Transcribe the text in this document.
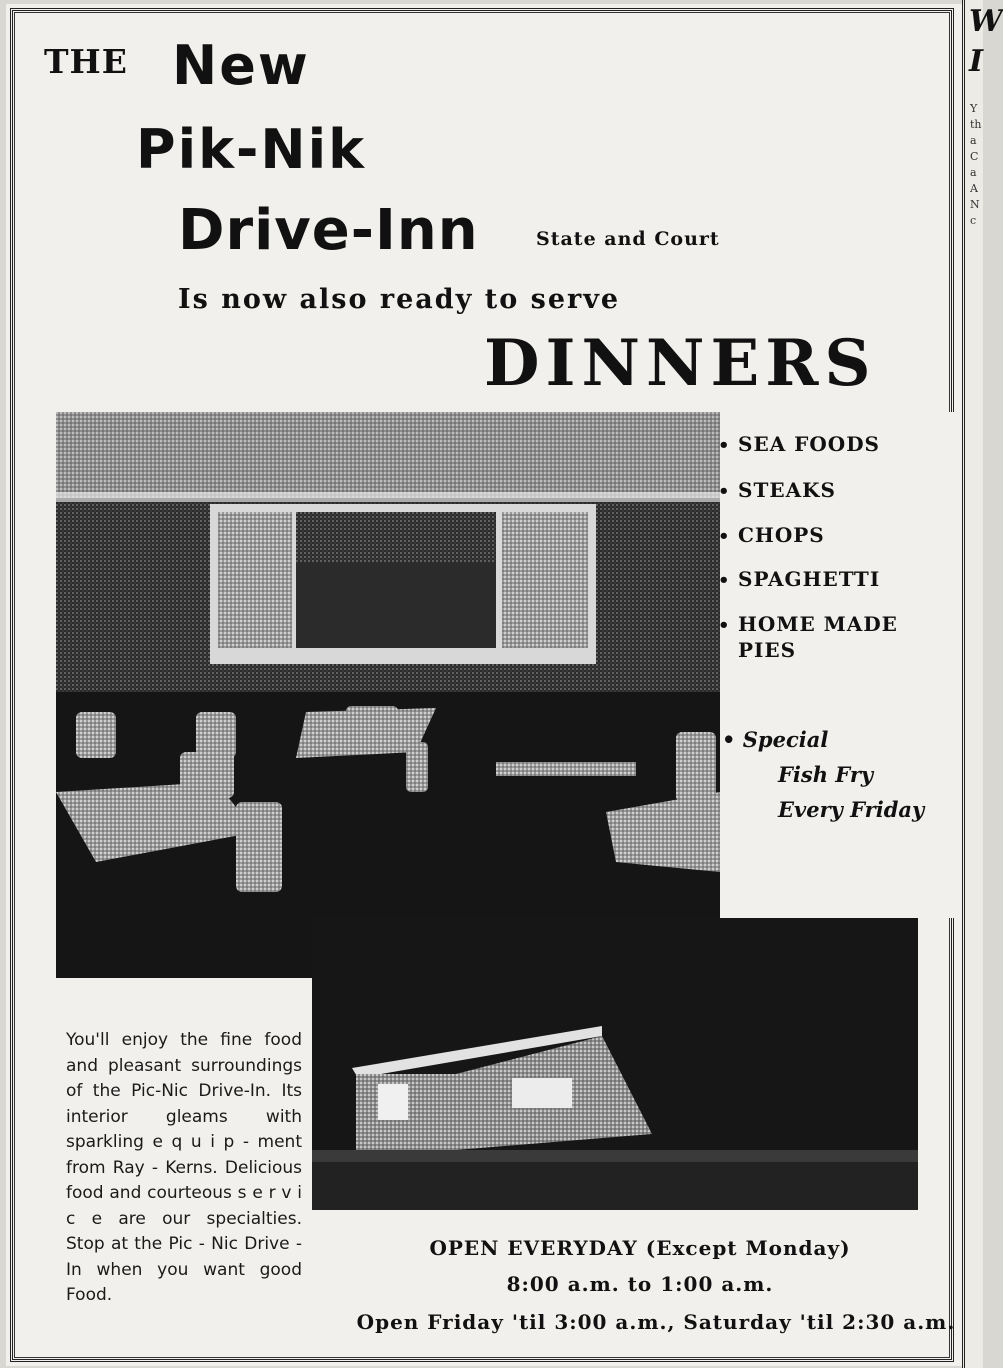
W
I
Y
th
a
C
a
A
N
c
THE New
Pik-Nik
Drive-Inn	State and Court
Is now also ready to serve
DINNERS
• SEA FOODS
• STEAKS
• CHOPS
• SPAGHETTI
• HOME MADE
PIES
• Special
Fish Fry
Every Friday
You'll enjoy the fine food and pleasant surroundings of the Pic-Nic Drive-In. Its interior gleams with sparkling e q u i p - ment from Ray - Kerns. Delicious food and courteous s e r v i c e are our specialties. Stop at the Pic - Nic Drive - In when you want good Food.
OPEN EVERYDAY (Except Monday)
8:00 a.m. to 1:00 a.m.
Open Friday 'til 3:00 a.m., Saturday 'til 2:30 a.m.
